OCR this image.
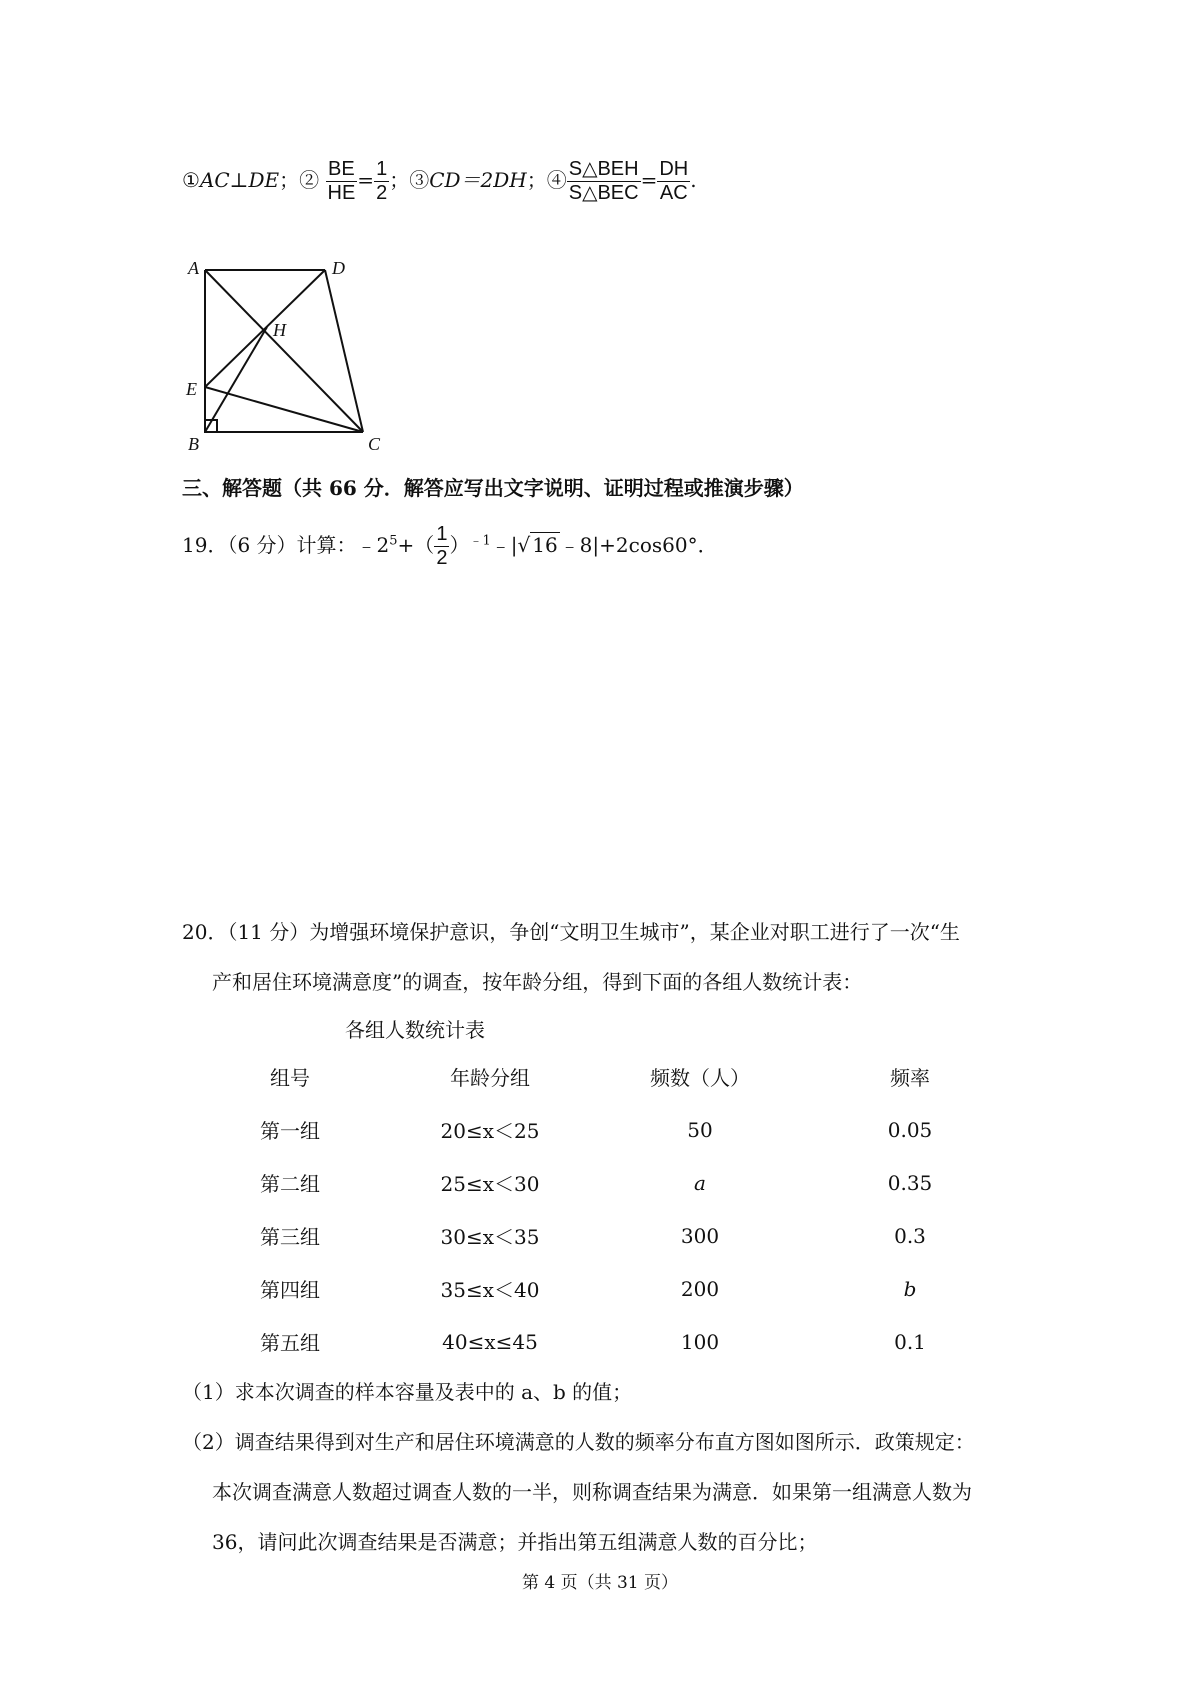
①AC⊥DE；② $\frac{BE}{HE} = \frac{1}{2}$ ；③CD＝2DH；④ $\frac{\text{S△BEH}}{\text{S△BEC}} = \frac{DH}{AC}$ .
A	D
H
E
B	C
三、解答题（共 66 分．解答应写出文字说明、证明过程或推演步骤）
19．（6 分）计算：$﹣2^5+( \frac{1}{2}$ ）$^{﹣1}$﹣|√ 16 ﹣8|+2cos60°．
20．（11 分）为增强环境保护意识，争创“文明卫生城市”，某企业对职工进行了一次“生
产和居住环境满意度”的调查，按年龄分组，得到下面的各组人数统计表：
各组人数统计表
组号	年龄分组	频数（人）	频率
第一组	20≤x＜25	50	0.05
第二组	25≤x＜30	a	0.35
第三组	30≤x＜35	300	0.3
第四组	35≤x＜40	200	b
第五组	40≤x≤45	100	0.1
（1）求本次调查的样本容量及表中的 a、b 的值；
（2）调查结果得到对生产和居住环境满意的人数的频率分布直方图如图所示．政策规定：
本次调查满意人数超过调查人数的一半，则称调查结果为满意．如果第一组满意人数为
36，请问此次调查结果是否满意；并指出第五组满意人数的百分比；
第 4 页（共 31 页）
